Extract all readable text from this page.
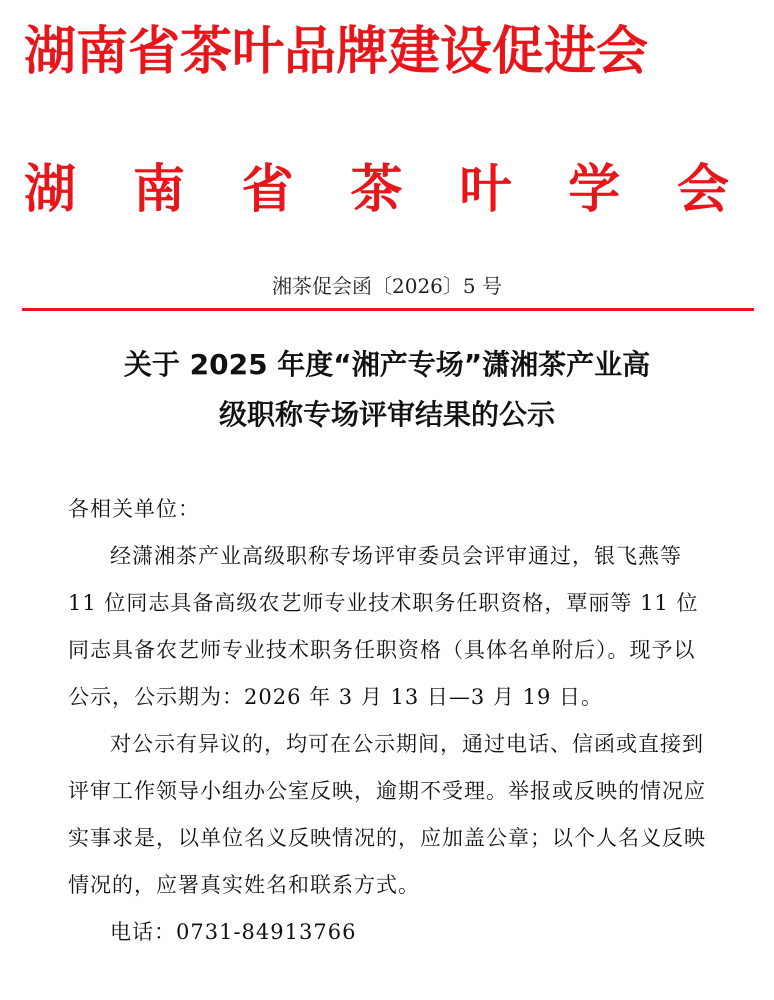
湖南省茶叶品牌建设促进会
湖 南 省 茶 叶 学 会
湘茶促会函〔2026〕5 号
关于 2025 年度“湘产专场”潇湘茶产业高
级职称专场评审结果的公示

各相关单位：

经潇湘茶产业高级职称专场评审委员会评审通过，银飞燕等 11 位同志具备高级农艺师专业技术职务任职资格，覃丽等 11 位同志具备农艺师专业技术职务任职资格（具体名单附后）。现予以公示，公示期为：2026 年 3 月 13 日—3 月 19 日。

对公示有异议的，均可在公示期间，通过电话、信函或直接到评审工作领导小组办公室反映，逾期不受理。举报或反映的情况应实事求是，以单位名义反映情况的，应加盖公章；以个人名义反映情况的，应署真实姓名和联系方式。

电话：0731-84913766
